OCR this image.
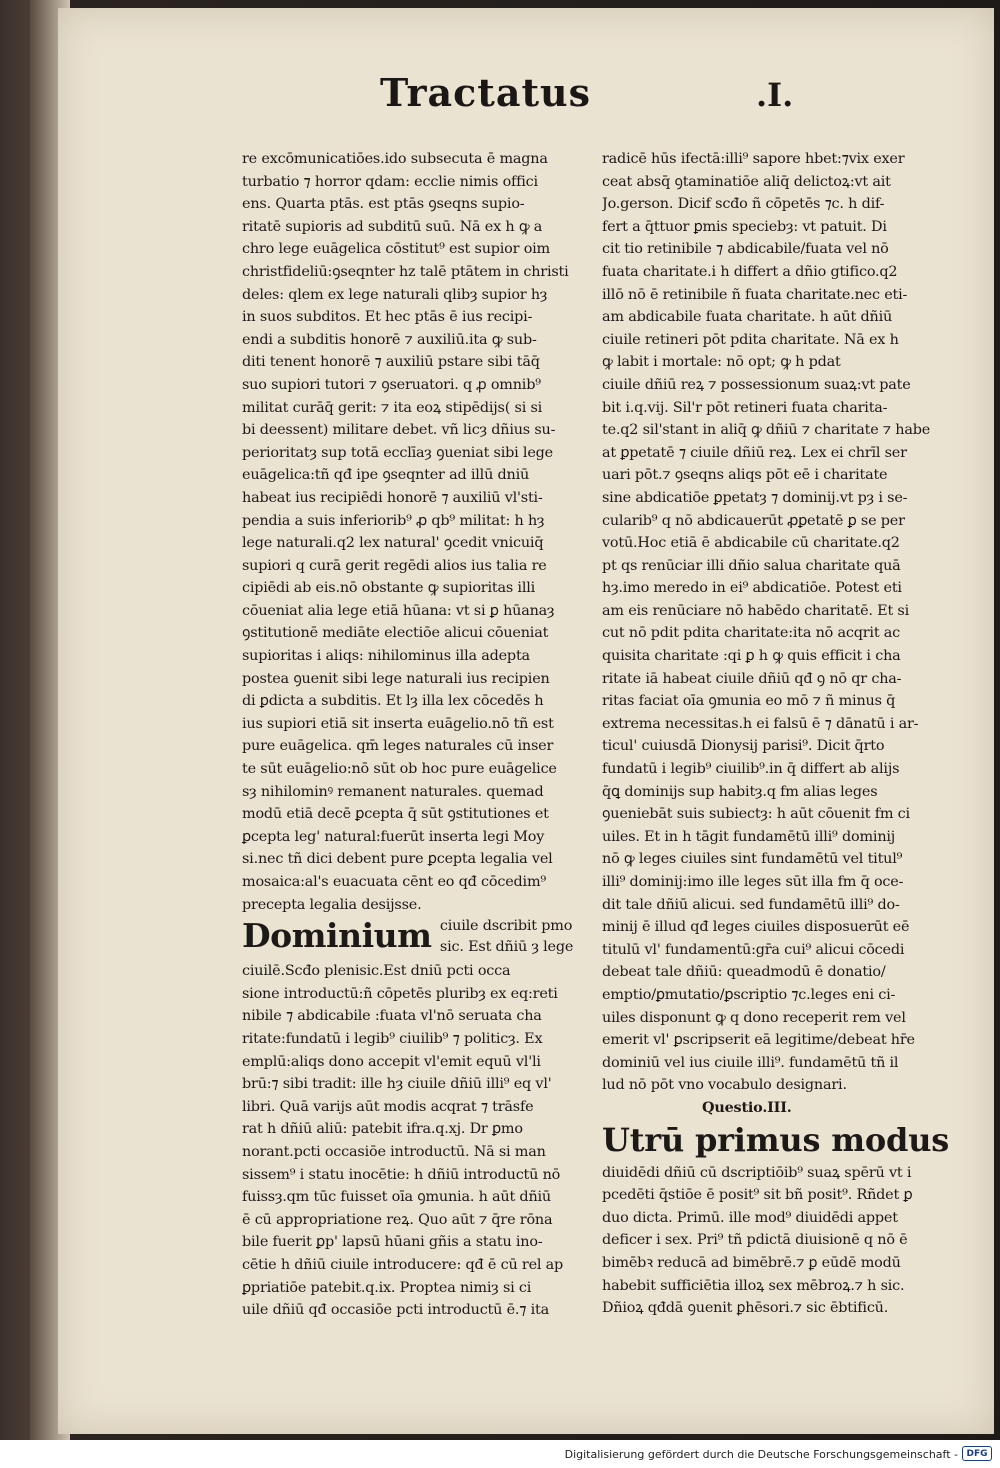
Tractatus	.I.
re excōmunicatiōes.ido subsecuta ē magna
turbatio ⁊ horror qdam: ecclie nimis offici
ens. Quarta ptās. est ptās ꝯseqns supio-
ritatē supioris ad subditū suū. Nā ex h ꝙ a
chro lege euāgelica cōstitut⁹ est supior oim
christfideliū:ꝯseqnter hz talē ptātem in christi
deles: qlem ex lege naturali qlibȝ supior hȝ
in suos subditos. Et hec ptās ē ius recipi-
endi a subditis honorē ⁊ auxiliū.ita ꝙ sub-
diti tenent honorē ⁊ auxiliū pstare sibi tāq̄
suo supiori tutori ⁊ ꝯseruatori. q ꝓ omnib⁹
militat curāq̄ gerit: ⁊ ita eoꝝ stipēdijs( si si
bi deessent) militare debet. vñ licȝ dñius su-
perioritatȝ sup totā ecclīaȝ ꝯueniat sibi lege
euāgelica:tñ qđ ipe ꝯseqnter ad illū dniū
habeat ius recipiēdi honorē ⁊ auxiliū vl'sti-
pendia a suis inferiorib⁹ ꝓ qb⁹ militat: h hȝ
lege naturali.q2 lex natural' ꝯcedit vnicuiq̄
supiori q curā gerit regēdi alios ius talia re
cipiēdi ab eis.nō obstante ꝙ supioritas illi
cōueniat alia lege etiā hūana: vt si ꝑ hūanaȝ
ꝯstitutionē mediāte electiōe alicui cōueniat
supioritas i aliqs: nihilominus illa adepta
postea ꝯuenit sibi lege naturali ius recipien
di ꝑdicta a subditis. Et lȝ illa lex cōcedēs h
ius supiori etiā sit inserta euāgelio.nō tñ est
pure euāgelica. qm̄ leges naturales cū inser
te sūt euāgelio:nō sūt ob hoc pure euāgelice
sȝ nihilominꝰ remanent naturales. quemad
modū etiā decē ꝑcepta q̄ sūt ꝯstitutiones et
ꝑcepta leg' natural:fuerūt inserta legi Moy
si.nec tñ dici debent pure ꝑcepta legalia vel
mosaica:al's euacuata cēnt eo qđ cōcedim⁹
precepta legalia desijsse.
Dominium ciuile dscribit pmo
sic. Est dñiū ȝ lege
ciuilē.Scđo plenisic.Est dniū pcti occa
sione introductū:ñ cōpetēs pluribȝ ex eq:reti
nibile ⁊ abdicabile :fuata vl'nō seruata cha
ritate:fundatū i legib⁹ ciuilib⁹ ⁊ politicȝ. Ex
emplū:aliqs dono accepit vl'emit equū vl'li
brū:⁊ sibi tradit: ille hȝ ciuile dñiū illi⁹ eq vl'
libri. Quā varijs aūt modis acqrat ⁊ trāsfe
rat h dñiū aliū: patebit ifra.q.xj. Dr ꝑmo
norant.pcti occasiōe introductū. Nā si man
sissem⁹ i statu inocētie: h dñiū introductū nō
fuissȝ.qm tūc fuisset oīa ꝯmunia. h aūt dñiū
ē cū appropriatione reꝝ. Quo aūt ⁊ q̄re rōna
bile fuerit ꝑp' lapsū hūani gñis a statu ino-
cētie h dñiū ciuile introducere: qđ ē cū rel ap
ꝑpriatiōe patebit.q.ix. Proptea nimiȝ si ci
uile dñiū qđ occasiōe pcti introductū ē.⁊ ita
radicē hūs ifectā:illi⁹ sapore hbet:⁊vix exer
ceat absq̄ ꝯtaminatiōe aliq̄ delictoꝝ:vt ait
Jo.gerson. Dicif scđo ñ cōpetēs ⁊c. h dif-
fert a q̄ttuor ꝑmis speciebȝ: vt patuit. Di
cit tio retinibile ⁊ abdicabile/fuata vel nō
fuata charitate.i h differt a dñio gtifico.q2
illō nō ē retinibile ñ fuata charitate.nec eti-
am abdicabile fuata charitate. h aūt dñiū
ciuile retineri pōt pdita charitate. Nā ex h
ꝙ labit i mortale: nō opt; ꝙ h pdat
ciuile dñiū reꝝ ⁊ possessionum suaꝝ:vt pate
bit i.q.vij. Sil'r pōt retineri fuata charita-
te.q2 sil'stant in aliq̄ ꝙ dñiū ⁊ charitate ⁊ habe
at ꝑpetatē ⁊ ciuile dñiū reꝝ. Lex ei chrīl ser
uari pōt.⁊ ꝯseqns aliqs pōt eē i charitate
sine abdicatiōe ꝑpetatȝ ⁊ dominij.vt pȝ i se-
cularib⁹ q nō abdicauerūt ꝓꝑetatē ꝑ se per
votū.Hoc etiā ē abdicabile cū charitate.q2
pt qs renūciar illi dñio salua charitate quā
hȝ.imo meredo in ei⁹ abdicatiōe. Potest eti
am eis renūciare nō habēdo charitatē. Et si
cut nō pdit pdita charitate:ita nō acqrit ac
quisita charitate :qi ꝑ h ꝙ quis efficit i cha
ritate iā habeat ciuile dñiū qđ ꝯ nō qr cha-
ritas faciat oīa ꝯmunia eo mō ⁊ ñ minus q̄
extrema necessitas.h ei falsū ē ⁊ dānatū i ar-
ticul' cuiusdā Dionysij parisi⁹. Dicit q̄rto
fundatū i legib⁹ ciuilib⁹.in q̄ differt ab alijs
q̄ꝗ dominijs sup habitȝ.q fm alias leges
ꝯueniebāt suis subiectȝ: h aūt cōuenit fm ci
uiles. Et in h tāgit fundamētū illi⁹ dominij
nō ꝙ leges ciuiles sint fundamētū vel titul⁹
illi⁹ dominij:imo ille leges sūt illa fm q̄ oce-
dit tale dñiū alicui. sed fundamētū illi⁹ do-
minij ē illud qđ leges ciuiles disposuerūt eē
titulū vl' fundamentū:gr̄a cui⁹ alicui cōcedi
debeat tale dñiū: queadmodū ē donatio/
emptio/ꝑmutatio/ꝑscriptio ⁊c.leges eni ci-
uiles disponunt ꝙ q dono receperit rem vel
emerit vl' ꝑscripserit eā legitime/debeat hr̄e
dominiū vel ius ciuile illi⁹. fundamētū tñ il
lud nō pōt vno vocabulo designari.
Questio.III.
Utrū primus modus
diuidēdi dñiū cū dscriptiōib⁹ suaꝝ spērū vt i
pcedēti q̄stiōe ē posit⁹ sit bñ posit⁹. Rñdet ꝑ
duo dicta. Primū. ille mod⁹ diuidēdi appet
deficer i sex. Pri⁹ tñ pdictā diuisionē q nō ē
bimēbꝛ reducā ad bimēbrē.⁊ ꝑ eūdē modū
habebit sufficiētia illoꝝ sex mēbroꝝ.⁊ h sic.
Dñioꝝ qđdā ꝯuenit ꝑhēsori.⁊ sic ēbtificū.
Digitalisierung gefördert durch die Deutsche Forschungsgemeinschaft - DFG
